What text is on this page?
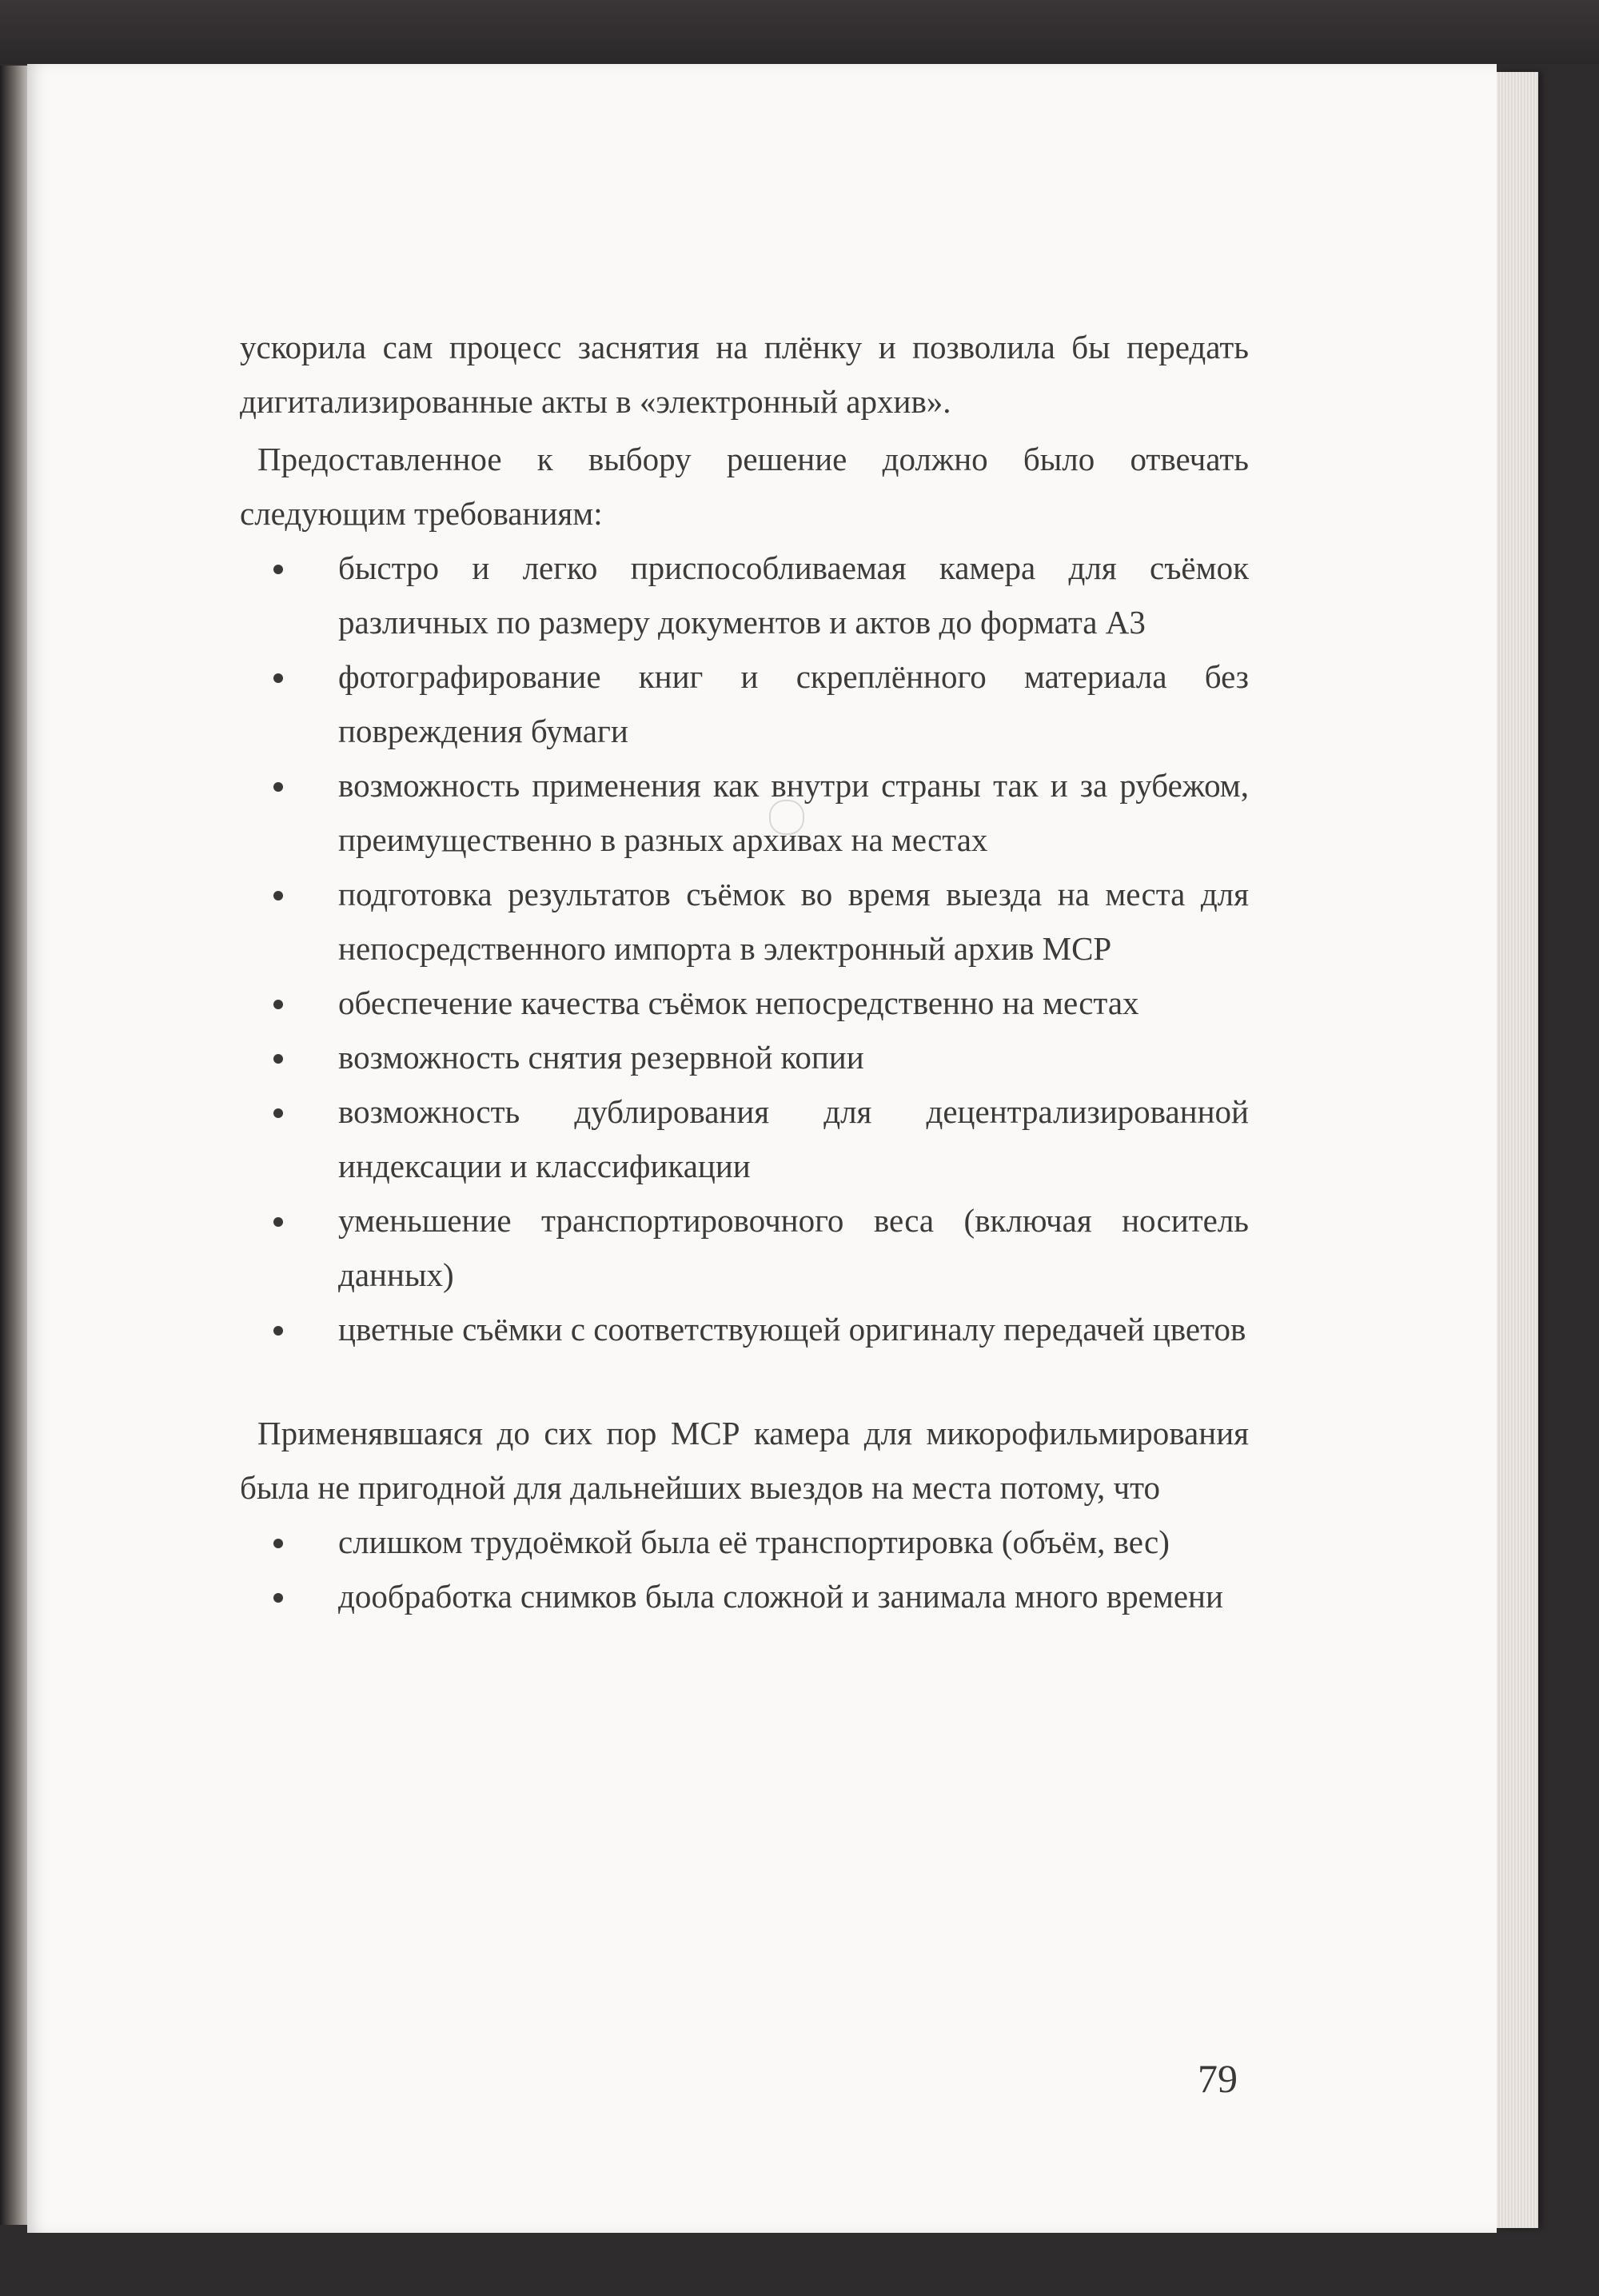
ускорила сам процесс заснятия на плёнку и позволила бы передать дигитализированные акты в «электронный архив».

Предоставленное к выбору решение должно было отвечать следующим требованиям:

быстро и легко приспособливаемая камера для съёмок различных по размеру документов и актов до формата А3
фотографирование книг и скреплённого материала без повреждения бумаги
возможность применения как внутри страны так и за рубежом, преимущественно в разных архивах на местах
подготовка результатов съёмок во время выезда на места для непосредственного импорта в электронный архив МСР
обеспечение качества съёмок непосредственно на местах
возможность снятия резервной копии
возможность дублирования для децентрализированной индексации и классификации
уменьшение транспортировочного веса (включая носитель данных)
цветные съёмки с соответствующей оригиналу передачей цветов

Применявшаяся до сих пор МСР камера для микорофильмирования была не пригодной для дальнейших выездов на места потому, что

слишком трудоёмкой была её транспортировка (объём, вес)
дообработка снимков была сложной и занимала много времени
79
